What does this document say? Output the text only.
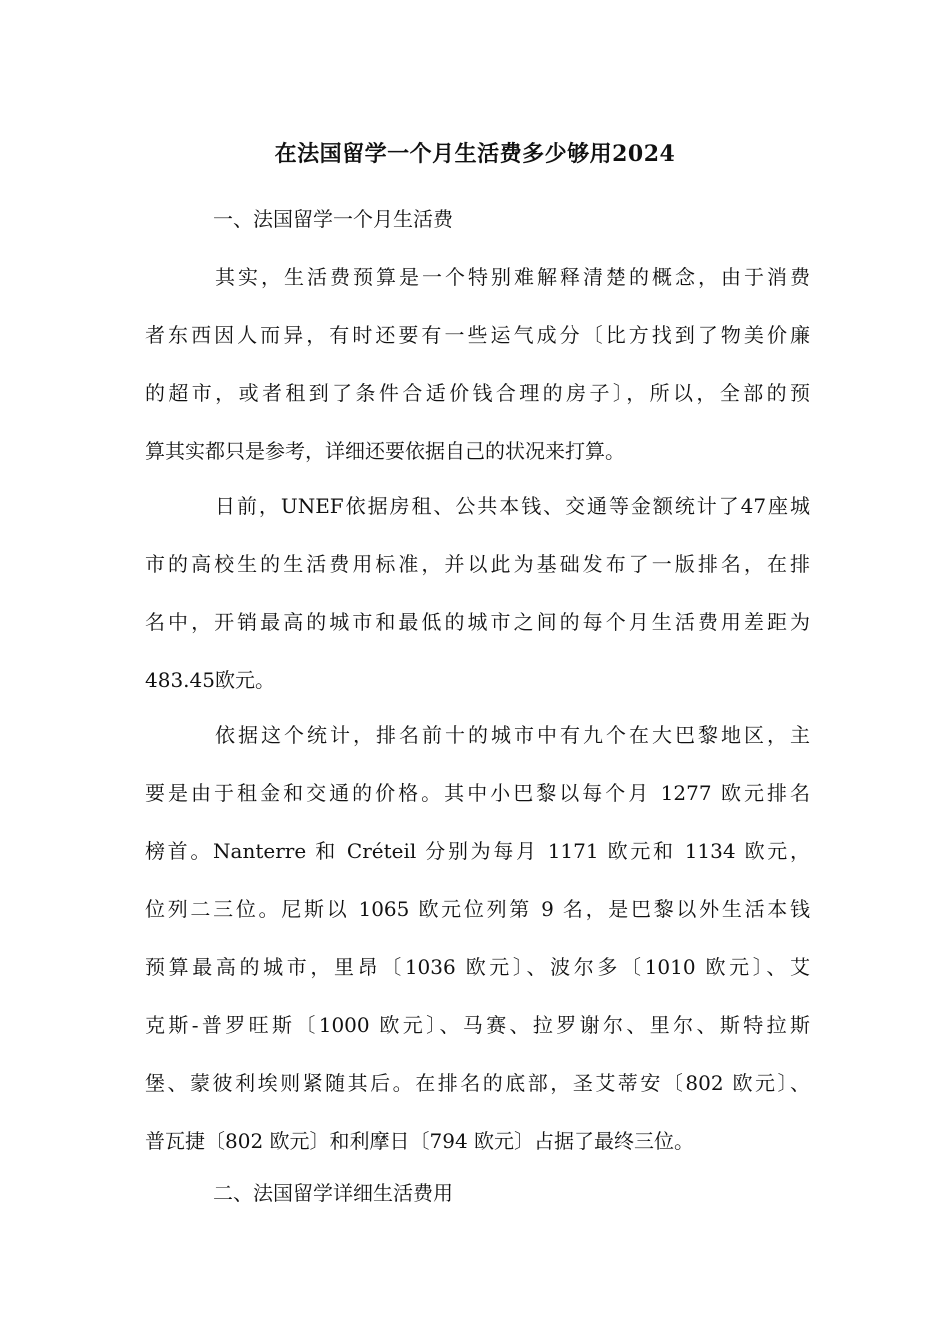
在法国留学一个月生活费多少够用2024
一、法国留学一个月生活费
其实，生活费预算是一个特别难解释清楚的概念，由于消费
者东西因人而异，有时还要有一些运气成分〔比方找到了物美价廉
的超市，或者租到了条件合适价钱合理的房子〕，所以，全部的预
算其实都只是参考，详细还要依据自己的状况来打算。
日前，UNEF依据房租、公共本钱、交通等金额统计了47座城
市的高校生的生活费用标准，并以此为基础发布了一版排名，在排
名中，开销最高的城市和最低的城市之间的每个月生活费用差距为
483.45欧元。
依据这个统计，排名前十的城市中有九个在大巴黎地区，主
要是由于租金和交通的价格。其中小巴黎以每个月 1277 欧元排名
榜首。Nanterre 和 Créteil 分别为每月 1171 欧元和 1134 欧元，
位列二三位。尼斯以 1065 欧元位列第 9 名，是巴黎以外生活本钱
预算最高的城市，里昂〔1036 欧元〕、波尔多〔1010 欧元〕、艾
克斯-普罗旺斯〔1000 欧元〕、马赛、拉罗谢尔、里尔、斯特拉斯
堡、蒙彼利埃则紧随其后。在排名的底部，圣艾蒂安〔802 欧元〕、
普瓦捷〔802 欧元〕和利摩日〔794 欧元〕占据了最终三位。
二、法国留学详细生活费用
